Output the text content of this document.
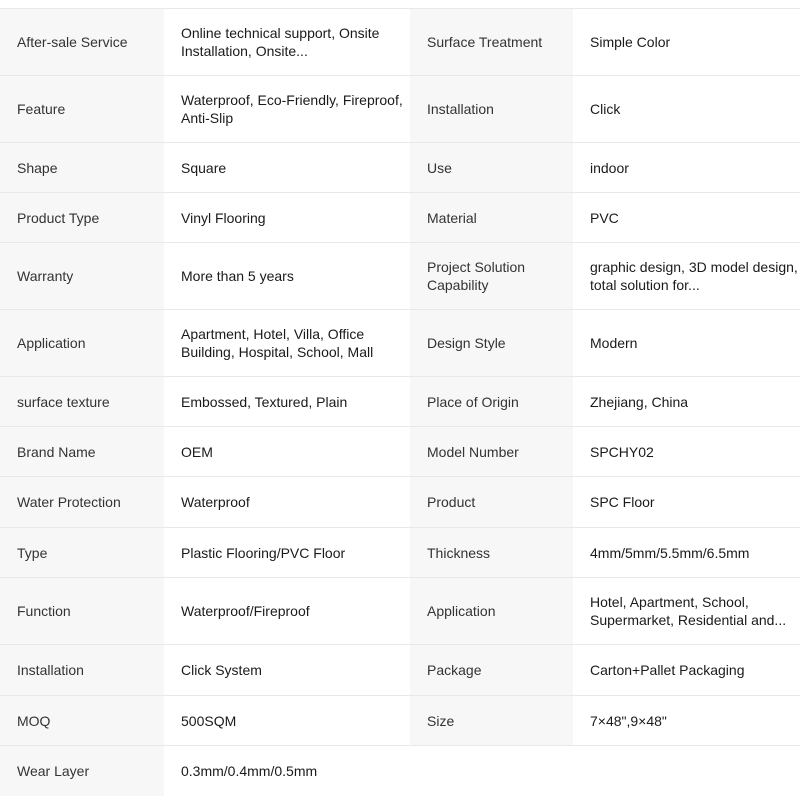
After-sale Service	Online technical support, Onsite Installation, Onsite...	Surface Treatment	Simple Color

Feature	Waterproof, Eco-Friendly, Fireproof, Anti-Slip	Installation	Click

Shape	Square	Use	indoor

Product Type	Vinyl Flooring	Material	PVC

Warranty	More than 5 years	Project Solution Capability	graphic design, 3D model design, total solution for...

Application	Apartment, Hotel, Villa, Office Building, Hospital, School, Mall	Design Style	Modern

surface texture	Embossed, Textured, Plain	Place of Origin	Zhejiang, China

Brand Name	OEM	Model Number	SPCHY02

Water Protection	Waterproof	Product	SPC Floor

Type	Plastic Flooring/PVC Floor	Thickness	4mm/5mm/5.5mm/6.5mm

Function	Waterproof/Fireproof	Application	Hotel, Apartment, School, Supermarket, Residential and...

Installation	Click System	Package	Carton+Pallet Packaging

MOQ	500SQM	Size	7×48",9×48"

Wear Layer	0.3mm/0.4mm/0.5mm		
